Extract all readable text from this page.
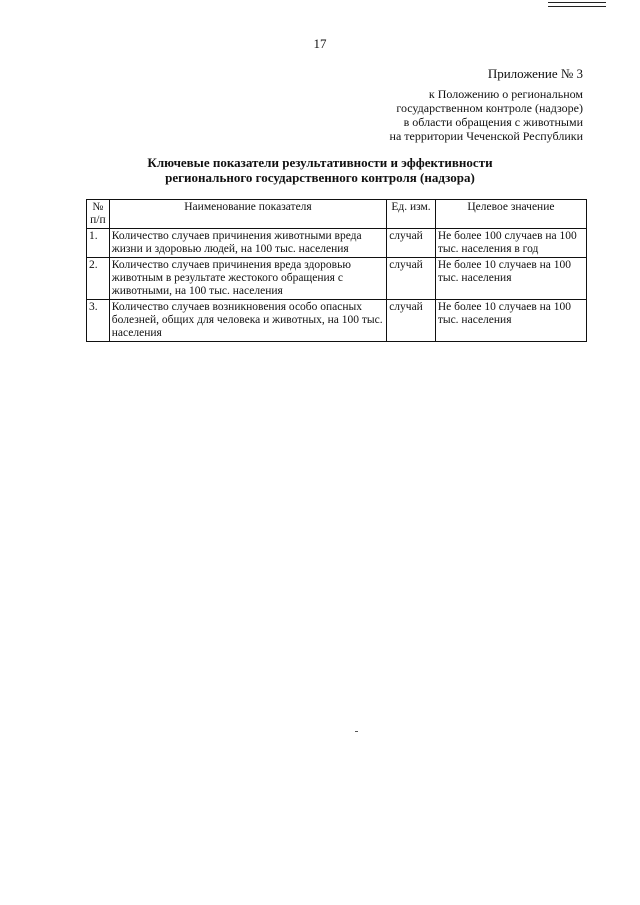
17
Приложение № 3
к Положению о региональном
государственном контроле (надзоре)
в области обращения с животными
на территории Чеченской Республики
Ключевые показатели результативности и эффективности
регионального государственного контроля (надзора)
№
п/п	Наименование показателя	Ед. изм.	Целевое значение
1.	Количество случаев причинения животными вреда жизни и здоровью людей, на 100 тыс. населения	случай	Не более 100 случаев на 100 тыс. населения в год
2.	Количество случаев причинения вреда здоровью животным в результате жестокого обращения с животными, на 100 тыс. населения	случай	Не более 10 случаев на 100 тыс. населения
3.	Количество случаев возникновения особо опасных болезней, общих для человека и животных, на 100 тыс. населения	случай	Не более 10 случаев на 100 тыс. населения
